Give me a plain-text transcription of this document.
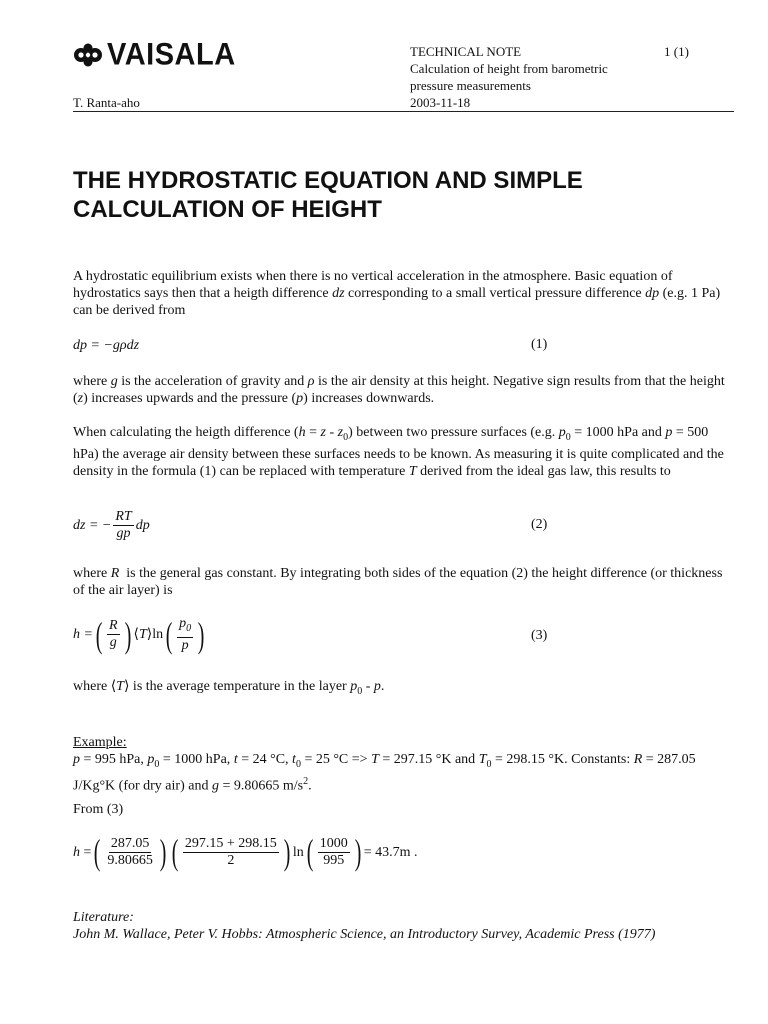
VAISALA	TECHNICAL NOTE	1 (1)
Calculation of height from barometric
pressure measurements
T. Ranta-aho	2003-11-18
THE HYDROSTATIC EQUATION AND SIMPLE
CALCULATION OF HEIGHT

A hydrostatic equilibrium exists when there is no vertical acceleration in the atmosphere. Basic equation of hydrostatics says then that a heigth difference dz corresponding to a small vertical pressure difference dp (e.g. 1 Pa) can be derived from

dp = −gρdz	(1)

where g is the acceleration of gravity and ρ is the air density at this height. Negative sign results from that the height (z) increases upwards and the pressure (p) increases downwards.

When calculating the heigth difference $(h = z - z_0)$ between two pressure surfaces (e.g. $p_0 = 1000$ hPa and p = 500 hPa) the average air density between these surfaces needs to be known. As measuring it is quite complicated and the density in the formula (1) can be replaced with temperature T derived from the ideal gas law, this results to

dz = − $\frac{RT}{gp}$ dp	(2)

where R  is the general gas constant. By integrating both sides of the equation (2) the height difference (or thickness of the air layer) is

h = ( $\frac{R}{g}$ ) ⟨ T ⟩ ln ( $\frac{p_0}{p}$ )	(3)

where ⟨T⟩ is the average temperature in the layer $p_0$ - p.

Example:

p = 995 hPa, $p_0 = 1000$ hPa, t = 24 °C, $t_0 = 25$ °C => T = 297.15 °K and $T_0 = 298.15$ °K. Constants: R = 287.05 J/Kg°K (for dry air) and g = 9.80665 $m/s^2$.

From (3)
h = ( $\frac{287.05}{9.80665}$ ) ( $\frac{297.15 + 298.15}{2}$ ) ln ( $\frac{1000}{995}$ ) = 43.7m .
Literature:
John M. Wallace, Peter V. Hobbs: Atmospheric Science, an Introductory Survey, Academic Press (1977)
